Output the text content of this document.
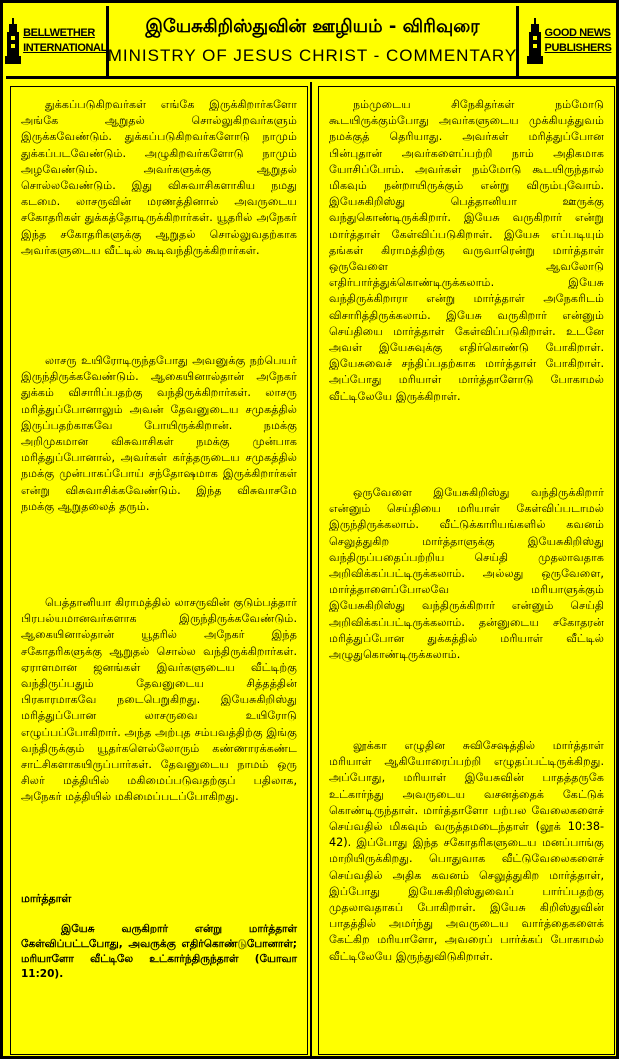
BELLWETHER
INTERNATIONAL
இயேசுகிறிஸ்துவின் ஊழியம் - விரிவுரை
MINISTRY OF JESUS CHRIST - COMMENTARY
GOOD NEWS
PUBLISHERS

துக்கப்படுகிறவர்கள் எங்கே இருக்கிறார்களோ அங்கே ஆறுதல் சொல்லுகிறவர்களும் இருக்கவேண்டும். துக்கப்படுகிறவர்களோடு நாமும் துக்கப்படவேண்டும். அழுகிறவர்களோடு நாமும் அழவேண்டும். அவர்களுக்கு ஆறுதல் சொல்லவேண்டும். இது விசுவாசிகளாகிய நமது கடமை. லாசருவின் மரணத்தினால் அவருடைய சகோதரிகள் துக்கத்தோடிருக்கிறார்கள். யூதரில் அநேகர் இந்த சகோதரிகளுக்கு ஆறுதல் சொல்லுவதற்காக அவர்களுடைய வீட்டில் கூடிவந்திருக்கிறார்கள்.

லாசரு உயிரோடிருந்தபோது அவனுக்கு நற்பெயர் இருந்திருக்கவேண்டும். ஆகையினால்தான் அநேகர் துக்கம் விசாரிப்பதற்கு வந்திருக்கிறார்கள். லாசரு மரித்துப்போனாலும் அவன் தேவனுடைய சமுகத்தில் இருப்பதற்காகவே போயிருக்கிறான். நமக்கு அறிமுகமான விசுவாசிகள் நமக்கு முன்பாக மரித்துப்போனால், அவர்கள் கர்த்தருடைய சமுகத்தில் நமக்கு முன்பாகப்போய் சந்தோஷமாக இருக்கிறார்கள் என்று விசுவாசிக்கவேண்டும். இந்த விசுவாசமே நமக்கு ஆறுதலைத் தரும்.

பெத்தானியா கிராமத்தில் லாசருவின் குடும்பத்தார் பிரபல்யமானவர்களாக இருந்திருக்கவேண்டும். ஆகையினால்தான் யூதரில் அநேகர் இந்த சகோதரிகளுக்கு ஆறுதல் சொல்ல வந்திருக்கிறார்கள். ஏராளமான ஜனங்கள் இவர்களுடைய வீட்டிற்கு வந்திருப்பதும் தேவனுடைய சித்தத்தின் பிரகாரமாகவே நடைபெறுகிறது. இயேசுகிறிஸ்து மரித்துப்போன லாசருவை உயிரோடு எழுப்பப்போகிறார். அந்த அற்புத சம்பவத்திற்கு இங்கு வந்திருக்கும் யூதர்களெல்லோரும் கண்ணாரக்கண்ட சாட்சிகளாகயிருப்பார்கள். தேவனுடைய நாமம் ஒரு சிலர் மத்தியில் மகிமைப்படுவதற்குப் பதிலாக, அநேகர் மத்தியில் மகிமைப்படப்போகிறது.

மார்த்தாள்

இயேசு வருகிறார் என்று மார்த்தாள் கேள்விப்பட்டபோது, அவருக்கு எதிர்கொண்டுபோனாள்; மரியாளோ வீட்டிலே உட்கார்ந்திருந்தாள் (யோவா 11:20).

நம்முடைய சிநேகிதர்கள் நம்மோடு கூடயிருக்கும்போது அவர்களுடைய முக்கியத்துவம் நமக்குத் தெரியாது. அவர்கள் மரித்துப்போன பின்புதான் அவர்களைப்பற்றி நாம் அதிகமாக யோசிப்போம். அவர்கள் நம்மோடு கூடயிருந்தால் மிகவும் நன்றாயிருக்கும் என்று விரும்புவோம். இயேசுகிறிஸ்து பெத்தானியா ஊருக்கு வந்துகொண்டிருக்கிறார். இயேசு வருகிறார் என்று மார்த்தாள் கேள்விப்படுகிறாள். இயேசு எப்படியும் தங்கள் கிராமத்திற்கு வருவாரென்று மார்த்தாள் ஒருவேளை ஆவலோடு எதிர்பார்த்துக்கொண்டிருக்கலாம். இயேசு வந்திருக்கிறாரா என்று மார்த்தாள் அநேகரிடம் விசாரித்திருக்கலாம். இயேசு வருகிறார் என்னும் செய்தியை மார்த்தாள் கேள்விப்படுகிறாள். உடனே அவள் இயேசுவுக்கு எதிர்கொண்டு போகிறாள். இயேசுவைச் சந்திப்பதற்காக மார்த்தாள் போகிறாள். அப்போது மரியாள் மார்த்தாளோடு போகாமல் வீட்டிலேயே இருக்கிறாள்.

ஒருவேளை இயேசுகிறிஸ்து வந்திருக்கிறார் என்னும் செய்தியை மரியாள் கேள்விப்படாமல் இருந்திருக்கலாம். வீட்டுக்காரியங்களில் கவனம் செலுத்துகிற மார்த்தாளுக்கு இயேசுகிறிஸ்து வந்திருப்பதைப்பற்றிய செய்தி முதலாவதாக அறிவிக்கப்பட்டிருக்கலாம். அல்லது ஒருவேளை, மார்த்தாளைப்போலவே மரியாளுக்கும் இயேசுகிறிஸ்து வந்திருக்கிறார் என்னும் செய்தி அறிவிக்கப்பட்டிருக்கலாம். தன்னுடைய சகோதரன் மரித்துப்போன துக்கத்தில் மரியாள் வீட்டில் அழுதுகொண்டிருக்கலாம்.

லூக்கா எழுதின சுவிசேஷத்தில் மார்த்தாள் மரியாள் ஆகியோரைப்பற்றி எழுதப்பட்டிருக்கிறது. அப்போது, மரியாள் இயேசுவின் பாதத்தருகே உட்கார்ந்து அவருடைய வசனத்தைக் கேட்டுக் கொண்டிருந்தாள். மார்த்தாளோ பற்பல வேலைகளைச் செய்வதில் மிகவும் வருத்தமடைந்தாள் (லூக் 10:38-42). இப்போது இந்த சகோதரிகளுடைய மனப்பாங்கு மாறியிருக்கிறது. பொதுவாக வீட்டுவேலைகளைச் செய்வதில் அதிக கவனம் செலுத்துகிற மார்த்தாள், இப்போது இயேசுகிறிஸ்துவைப் பார்ப்பதற்கு முதலாவதாகப் போகிறாள். இயேசு கிறிஸ்துவின் பாதத்தில் அமர்ந்து அவருடைய வார்த்தைகளைக் கேட்கிற மரியாளோ, அவரைப் பார்க்கப் போகாமல் வீட்டிலேயே இருந்துவிடுகிறாள்.
